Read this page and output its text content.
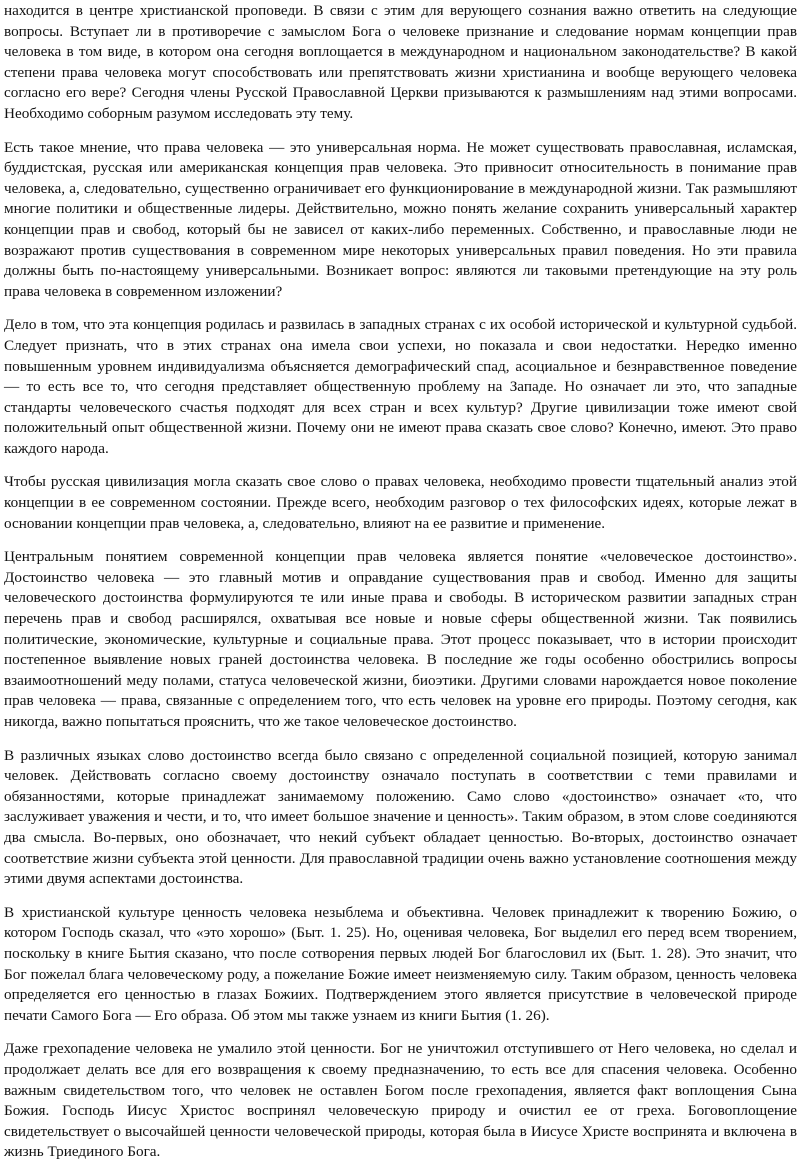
находится в центре христианской проповеди. В связи с этим для верующего сознания важно ответить на следующие вопросы. Вступает ли в противоречие с замыслом Бога о человеке признание и следование нормам концепции прав человека в том виде, в котором она сегодня воплощается в международном и национальном законодательстве? В какой степени права человека могут способствовать или препятствовать жизни христианина и вообще верующего человека согласно его вере? Сегодня члены Русской Православной Церкви призываются к размышлениям над этими вопросами. Необходимо соборным разумом исследовать эту тему.

Есть такое мнение, что права человека — это универсальная норма. Не может существовать православная, исламская, буддистская, русская или американская концепция прав человека. Это привносит относительность в понимание прав человека, а, следовательно, существенно ограничивает его функционирование в международной жизни. Так размышляют многие политики и общественные лидеры. Действительно, можно понять желание сохранить универсальный характер концепции прав и свобод, который бы не зависел от каких-либо переменных. Собственно, и православные люди не возражают против существования в современном мире некоторых универсальных правил поведения. Но эти правила должны быть по-настоящему универсальными. Возникает вопрос: являются ли таковыми претендующие на эту роль права человека в современном изложении?

Дело в том, что эта концепция родилась и развилась в западных странах с их особой исторической и культурной судьбой. Следует признать, что в этих странах она имела свои успехи, но показала и свои недостатки. Нередко именно повышенным уровнем индивидуализма объясняется демографический спад, асоциальное и безнравственное поведение — то есть все то, что сегодня представляет общественную проблему на Западе. Но означает ли это, что западные стандарты человеческого счастья подходят для всех стран и всех культур? Другие цивилизации тоже имеют свой положительный опыт общественной жизни. Почему они не имеют права сказать свое слово? Конечно, имеют. Это право каждого народа.

Чтобы русская цивилизация могла сказать свое слово о правах человека, необходимо провести тщательный анализ этой концепции в ее современном состоянии. Прежде всего, необходим разговор о тех философских идеях, которые лежат в основании концепции прав человека, а, следовательно, влияют на ее развитие и применение.

Центральным понятием современной концепции прав человека является понятие «человеческое достоинство». Достоинство человека — это главный мотив и оправдание существования прав и свобод. Именно для защиты человеческого достоинства формулируются те или иные права и свободы. В историческом развитии западных стран перечень прав и свобод расширялся, охватывая все новые и новые сферы общественной жизни. Так появились политические, экономические, культурные и социальные права. Этот процесс показывает, что в истории происходит постепенное выявление новых граней достоинства человека. В последние же годы особенно обострились вопросы взаимоотношений меду полами, статуса человеческой жизни, биоэтики. Другими словами нарождается новое поколение прав человека — права, связанные с определением того, что есть человек на уровне его природы. Поэтому сегодня, как никогда, важно попытаться прояснить, что же такое человеческое достоинство.

В различных языках слово достоинство всегда было связано с определенной социальной позицией, которую занимал человек. Действовать согласно своему достоинству означало поступать в соответствии с теми правилами и обязанностями, которые принадлежат занимаемому положению. Само слово «достоинство» означает «то, что заслуживает уважения и чести, и то, что имеет большое значение и ценность». Таким образом, в этом слове соединяются два смысла. Во-первых, оно обозначает, что некий субъект обладает ценностью. Во-вторых, достоинство означает соответствие жизни субъекта этой ценности. Для православной традиции очень важно установление соотношения между этими двумя аспектами достоинства.

В христианской культуре ценность человека незыблема и объективна. Человек принадлежит к творению Божию, о котором Господь сказал, что «это хорошо» (Быт. 1. 25). Но, оценивая человека, Бог выделил его перед всем творением, поскольку в книге Бытия сказано, что после сотворения первых людей Бог благословил их (Быт. 1. 28). Это значит, что Бог пожелал блага человеческому роду, а пожелание Божие имеет неизменяемую силу. Таким образом, ценность человека определяется его ценностью в глазах Божиих. Подтверждением этого является присутствие в человеческой природе печати Самого Бога — Его образа. Об этом мы также узнаем из книги Бытия (1. 26).

Даже грехопадение человека не умалило этой ценности. Бог не уничтожил отступившего от Него человека, но сделал и продолжает делать все для его возвращения к своему предназначению, то есть все для спасения человека. Особенно важным свидетельством того, что человек не оставлен Богом после грехопадения, является факт воплощения Сына Божия. Господь Иисус Христос воспринял человеческую природу и очистил ее от греха. Боговоплощение свидетельствует о высочайшей ценности человеческой природы, которая была в Иисусе Христе воспринята и включена в жизнь Триединого Бога.
